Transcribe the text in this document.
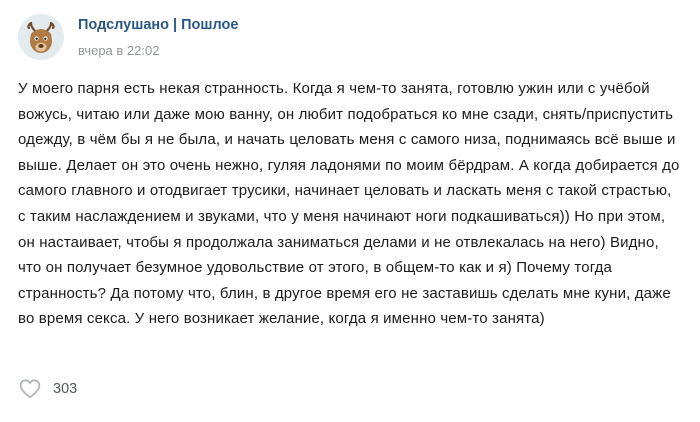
Подслушано | Пошлое
вчера в 22:02
У моего парня есть некая странность. Когда я чем-то занята, готовлю ужин или с учёбой вожусь, читаю или даже мою ванну, он любит подобраться ко мне сзади, снять/приспустить одежду, в чём бы я не была, и начать целовать меня с самого низа, поднимаясь всё выше и выше. Делает он это очень нежно, гуляя ладонями по моим бёрдрам. А когда добирается до самого главного и отодвигает трусики, начинает целовать и ласкать меня с такой страстью, с таким наслаждением и звуками, что у меня начинают ноги подкашиваться)) Но при этом, он настаивает, чтобы я продолжала заниматься делами и не отвлекалась на него) Видно, что он получает безумное удовольствие от этого, в общем-то как и я) Почему тогда странность? Да потому что, блин, в другое время его не заставишь сделать мне куни, даже во время секса. У него возникает желание, когда я именно чем-то занята)
303
